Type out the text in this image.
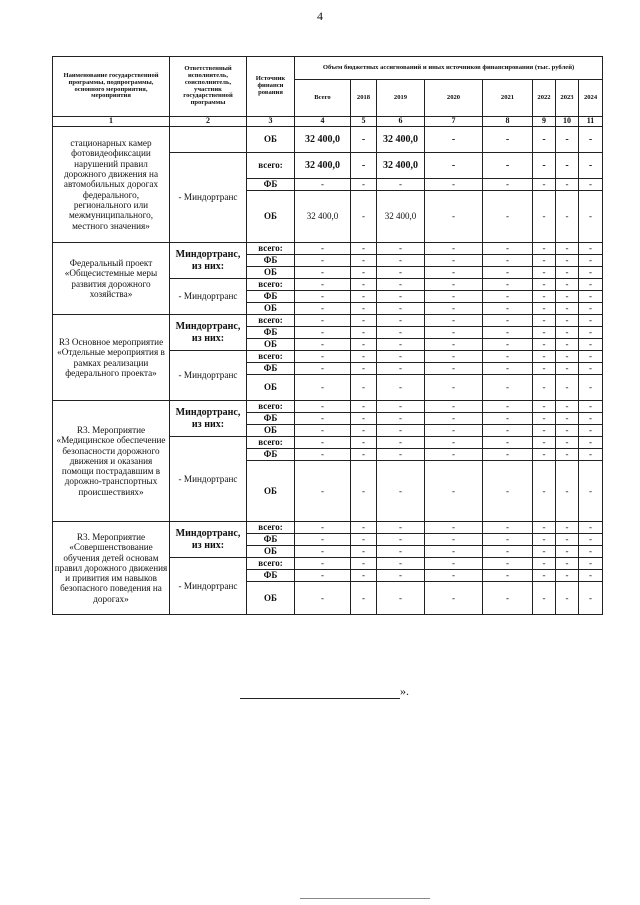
4
Наименование государственной программы, подпрограммы, основного мероприятия, мероприятия	Ответственный исполнитель, соисполнитель, участник государственной программы	Источник финанси рования	Объем бюджетных ассигнований и иных источников финансирования (тыс. рублей)							
			Всего	2018	2019	2020	2021	2022	2023	2024
1	2	3	4	5	6	7	8	9	10	11
стационарных камер фотовидеофиксации нарушений правил дорожного движения на автомобильных дорогах федерального, регионального или межмуниципального, местного значения»		ОБ	32 400,0	-	32 400,0	-	-	-	-	-
	- Миндортранс	всего:	32 400,0	-	32 400,0	-	-	-	-	-
		ФБ	-	-	-	-	-	-	-	-
		ОБ	32 400,0	-	32 400,0	-	-	-	-	-
Федеральный проект «Общесистемные меры развития дорожного хозяйства»	Миндортранс, из них:	всего:	-	-	-	-	-	-	-	-
		ФБ	-	-	-	-	-	-	-	-
		ОБ	-	-	-	-	-	-	-	-
	- Миндортранс	всего:	-	-	-	-	-	-	-	-
		ФБ	-	-	-	-	-	-	-	-
		ОБ	-	-	-	-	-	-	-	-
R3 Основное мероприятие «Отдельные мероприятия в рамках реализации федерального проекта»	Миндортранс, из них:	всего:	-	-	-	-	-	-	-	-
		ФБ	-	-	-	-	-	-	-	-
		ОБ	-	-	-	-	-	-	-	-
	- Миндортранс	всего:	-	-	-	-	-	-	-	-
		ФБ	-	-	-	-	-	-	-	-
		ОБ	-	-	-	-	-	-	-	-
R3. Мероприятие «Медицинское обеспечение безопасности дорожного движения и оказания помощи пострадавшим в дорожно-транспортных происшествиях»	Миндортранс, из них:	всего:	-	-	-	-	-	-	-	-
		ФБ	-	-	-	-	-	-	-	-
		ОБ	-	-	-	-	-	-	-	-
	- Миндортранс	всего:	-	-	-	-	-	-	-	-
		ФБ	-	-	-	-	-	-	-	-
		ОБ	-	-	-	-	-	-	-	-
R3. Мероприятие «Совершенствование обучения детей основам правил дорожного движения и привития им навыков безопасного поведения на дорогах»	Миндортранс, из них:	всего:	-	-	-	-	-	-	-	-
		ФБ	-	-	-	-	-	-	-	-
		ОБ	-	-	-	-	-	-	-	-
	- Миндортранс	всего:	-	-	-	-	-	-	-	-
		ФБ	-	-	-	-	-	-	-	-
		ОБ	-	-	-	-	-	-	-	-
».
